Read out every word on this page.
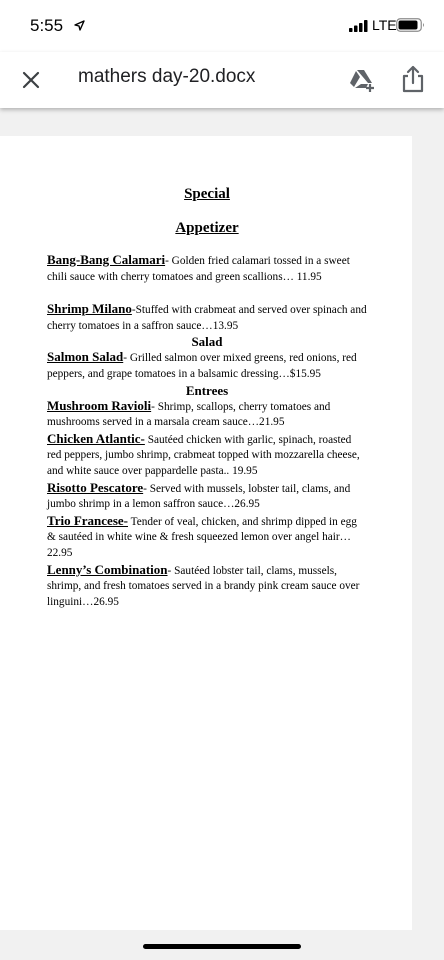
5:55	LTE
mathers day-20.docx

Special

Appetizer

Bang-Bang Calamari- Golden fried calamari tossed in a sweet chili sauce with cherry tomatoes and green scallions… 11.95

Shrimp Milano-Stuffed with crabmeat and served over spinach and cherry tomatoes in a saffron sauce…13.95

Salad

Salmon Salad- Grilled salmon over mixed greens, red onions, red peppers, and grape tomatoes in a balsamic dressing…$15.95

Entrees

Mushroom Ravioli- Shrimp, scallops, cherry tomatoes and mushrooms served in a marsala cream sauce…21.95

Chicken Atlantic- Sautéed chicken with garlic, spinach, roasted red peppers, jumbo shrimp, crabmeat topped with mozzarella cheese, and white sauce over pappardelle pasta.. 19.95

Risotto Pescatore- Served with mussels, lobster tail, clams, and jumbo shrimp in a lemon saffron sauce…26.95

Trio Francese- Tender of veal, chicken, and shrimp dipped in egg & sautéed in white wine & fresh squeezed lemon over angel hair…22.95

Lenny’s Combination- Sautéed lobster tail, clams, mussels, shrimp, and fresh tomatoes served in a brandy pink cream sauce over linguini…26.95
